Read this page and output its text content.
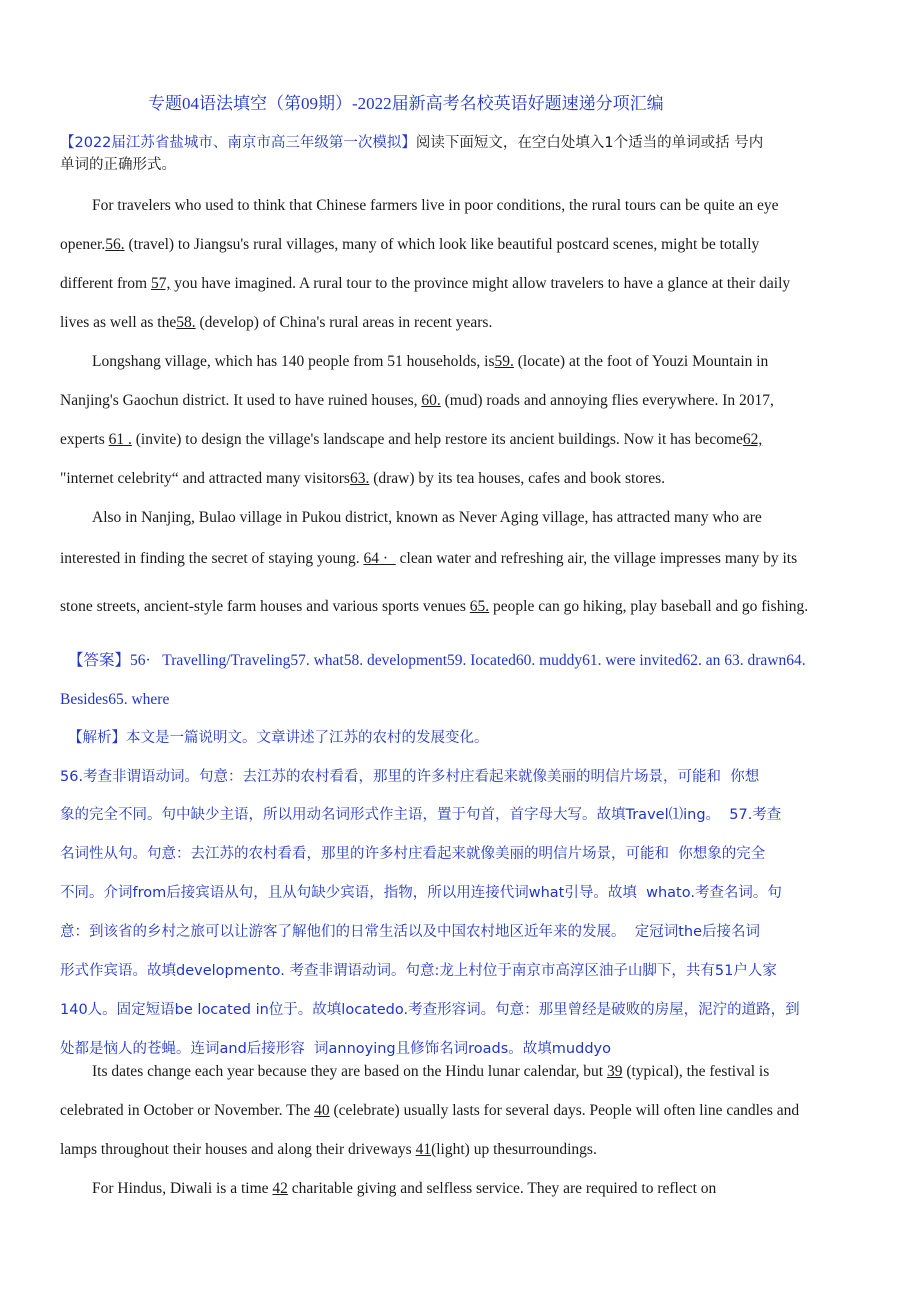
专题04语法填空（第09期）-2022届新高考名校英语好题速递分项汇编
【2022届江苏省盐城市、南京市高三年级第一次模拟】阅读下面短文，在空白处填入1个适当的单词或括 号内
单词的正确形式。
For travelers who used to think that Chinese farmers live in poor conditions, the rural tours can be quite an eye
opener.56. (travel) to Jiangsu's rural villages, many of which look like beautiful postcard scenes, might be totally
different from 57, you have imagined. A rural tour to the province might allow travelers to have a glance at their daily
lives as well as the58. (develop) of China's rural areas in recent years.
Longshang village, which has 140 people from 51 households, is59. (locate) at the foot of Youzi Mountain in
Nanjing's Gaochun district. It used to have ruined houses, 60. (mud) roads and annoying flies everywhere. In 2017,
experts 61 . (invite) to design the village's landscape and help restore its ancient buildings. Now it has become62,
"internet celebrity“ and attracted many visitors63. (draw) by its tea houses, cafes and book stores.
Also in Nanjing, Bulao village in Pukou district, known as Never Aging village, has attracted many who are
interested in finding the secret of staying young. 64 ·   clean water and refreshing air, the village impresses many by its
stone streets, ancient-style farm houses and various sports venues 65. people can go hiking, play baseball and go fishing.
【答案】56·   Travelling/Traveling57. what58. development59. Iocated60. muddy61. were invited62. an 63. drawn64.
Besides65. where
【解析】本文是一篇说明文。文章讲述了江苏的农村的发展变化。
56.考查非谓语动词。句意：去江苏的农村看看，那里的许多村庄看起来就像美丽的明信片场景，可能和  你想
象的完全不同。句中缺少主语，所以用动名词形式作主语，置于句首，首字母大写。故填Travel⑴ing。  57.考查
名词性从句。句意：去江苏的农村看看，那里的许多村庄看起来就像美丽的明信片场景，可能和  你想象的完全
不同。介词from后接宾语从句，且从句缺少宾语，指物，所以用连接代词what引导。故填  whato.考查名词。句
意：到该省的乡村之旅可以让游客了解他们的日常生活以及中国农村地区近年来的发展。  定冠词the后接名词
形式作宾语。故填developmento. 考查非谓语动词。句意:龙上村位于南京市高淳区油子山脚下，共有51户人家
140人。固定短语be located in位于。故填locatedo.考查形容词。句意：那里曾经是破败的房屋，泥泞的道路，到
处都是恼人的苍蝇。连词and后接形容  词annoying且修饰名词roads。故填muddyo
Its dates change each year because they are based on the Hindu lunar calendar, but 39 (typical), the festival is
celebrated in October or November. The 40 (celebrate) usually lasts for several days. People will often line candles and
lamps throughout their houses and along their driveways 41(light) up thesurroundings.
For Hindus, Diwali is a time 42 charitable giving and selfless service. They are required to reflect on
